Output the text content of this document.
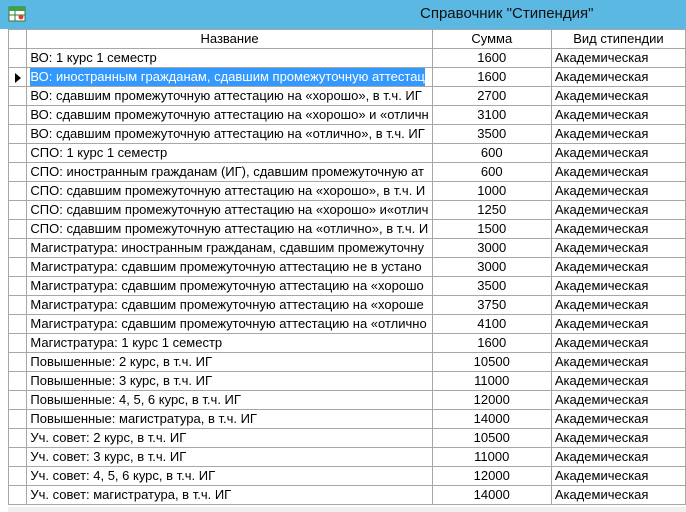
Справочник "Стипендия"
	Название	Сумма	Вид стипендии
	ВО: 1 курс 1 семестр	1600	Академическая
	ВО: иностранным гражданам, сдавшим промежуточную аттестац	1600	Академическая
	ВО: сдавшим промежуточную аттестацию на «хорошо», в т.ч. ИГ	2700	Академическая
	ВО: сдавшим промежуточную аттестацию на «хорошо» и «отличн	3100	Академическая
	ВО: сдавшим промежуточную аттестацию на «отлично», в т.ч. ИГ	3500	Академическая
	СПО: 1 курс 1 семестр	600	Академическая
	СПО: иностранным гражданам (ИГ), сдавшим промежуточную ат	600	Академическая
	СПО: сдавшим промежуточную аттестацию на «хорошо», в т.ч. И	1000	Академическая
	СПО: сдавшим промежуточную аттестацию на «хорошо» и«отлич	1250	Академическая
	СПО: сдавшим промежуточную аттестацию на «отлично», в т.ч. И	1500	Академическая
	Магистратура: иностранным гражданам, сдавшим промежуточну	3000	Академическая
	Магистратура: сдавшим промежуточную аттестацию не в устано	3000	Академическая
	Магистратура: сдавшим промежуточную аттестацию на «хорошо	3500	Академическая
	Магистратура: сдавшим промежуточную аттестацию на «хороше	3750	Академическая
	Магистратура: сдавшим промежуточную аттестацию на «отлично	4100	Академическая
	Магистратура: 1 курс 1 семестр	1600	Академическая
	Повышенные: 2 курс, в т.ч. ИГ	10500	Академическая
	Повышенные: 3 курс, в т.ч. ИГ	11000	Академическая
	Повышенные: 4, 5, 6 курс, в т.ч. ИГ	12000	Академическая
	Повышенные: магистратура, в т.ч. ИГ	14000	Академическая
	Уч. совет: 2 курс, в т.ч. ИГ	10500	Академическая
	Уч. совет: 3 курс, в т.ч. ИГ	11000	Академическая
	Уч. совет: 4, 5, 6 курс, в т.ч. ИГ	12000	Академическая
	Уч. совет: магистратура, в т.ч. ИГ	14000	Академическая
